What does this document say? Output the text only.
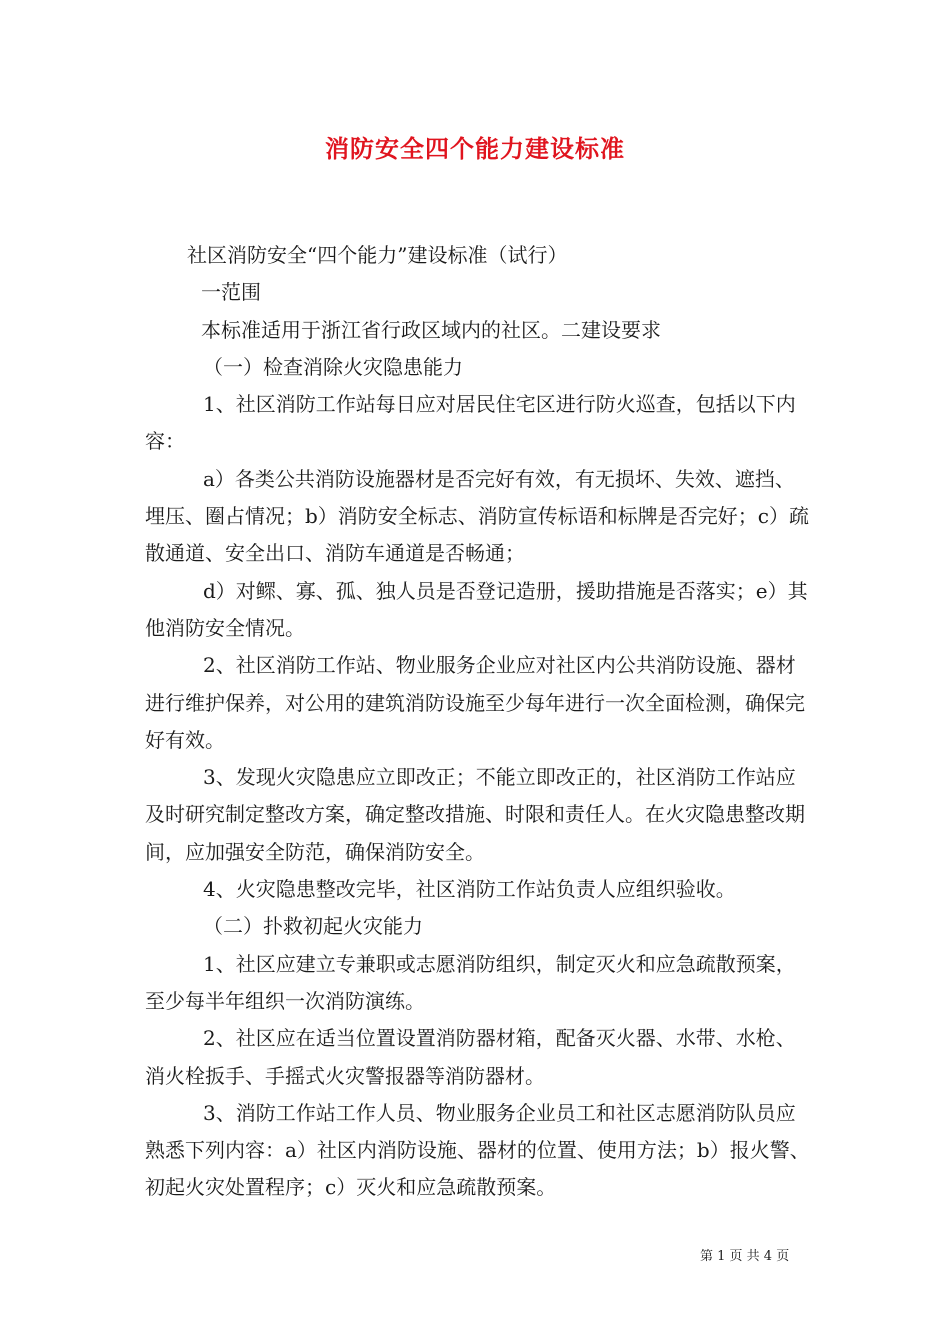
消防安全四个能力建设标准

社区消防安全“四个能力”建设标准（试行）

一范围

本标准适用于浙江省行政区域内的社区。二建设要求

（一）检查消除火灾隐患能力

1、社区消防工作站每日应对居民住宅区进行防火巡查，包括以下内容：

a）各类公共消防设施器材是否完好有效，有无损坏、失效、遮挡、埋压、圈占情况；b）消防安全标志、消防宣传标语和标牌是否完好；c）疏散通道、安全出口、消防车通道是否畅通；

d）对鳏、寡、孤、独人员是否登记造册，援助措施是否落实；e）其他消防安全情况。

2、社区消防工作站、物业服务企业应对社区内公共消防设施、器材进行维护保养，对公用的建筑消防设施至少每年进行一次全面检测，确保完好有效。

3、发现火灾隐患应立即改正；不能立即改正的，社区消防工作站应及时研究制定整改方案，确定整改措施、时限和责任人。在火灾隐患整改期间，应加强安全防范，确保消防安全。

4、火灾隐患整改完毕，社区消防工作站负责人应组织验收。

（二）扑救初起火灾能力

1、社区应建立专兼职或志愿消防组织，制定灭火和应急疏散预案，至少每半年组织一次消防演练。

2、社区应在适当位置设置消防器材箱，配备灭火器、水带、水枪、消火栓扳手、手摇式火灾警报器等消防器材。

3、消防工作站工作人员、物业服务企业员工和社区志愿消防队员应熟悉下列内容：a）社区内消防设施、器材的位置、使用方法；b）报火警、初起火灾处置程序；c）灭火和应急疏散预案。

第 1 页 共 4 页
